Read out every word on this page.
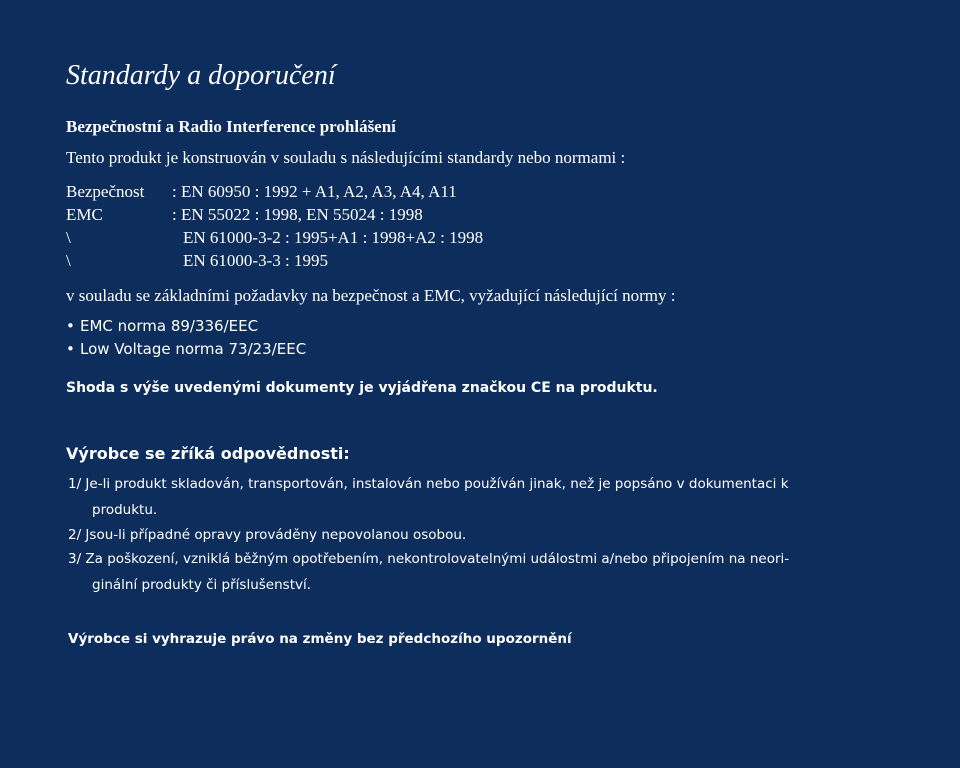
Standardy a doporučení
Bezpečnostní a Radio Interference prohlášení
Tento produkt je konstruován v souladu s následujícími standardy nebo normami :
Bezpečnost : EN 60950 : 1992 + A1, A2, A3, A4, A11
EMC	: EN 55022 : 1998, EN 55024 : 1998
\	EN 61000-3-2 : 1995+A1 : 1998+A2 : 1998
\	EN 61000-3-3 : 1995
v souladu se základními požadavky na bezpečnost a EMC, vyžadující následující normy :
• EMC norma 89/336/EEC
• Low Voltage norma 73/23/EEC
Shoda s výše uvedenými dokumenty je vyjádřena značkou CE na produktu.
Výrobce se zříká odpovědnosti:
1/ Je-li produkt skladován, transportován, instalován nebo používán jinak, než je popsáno v dokumentaci k
produktu.
2/ Jsou-li případné opravy prováděny nepovolanou osobou.
3/ Za poškození, vzniklá běžným opotřebením, nekontrolovatelnými událostmi a/nebo připojením na neori-
ginální produkty či příslušenství.
Výrobce si vyhrazuje právo na změny bez předchozího upozornění
